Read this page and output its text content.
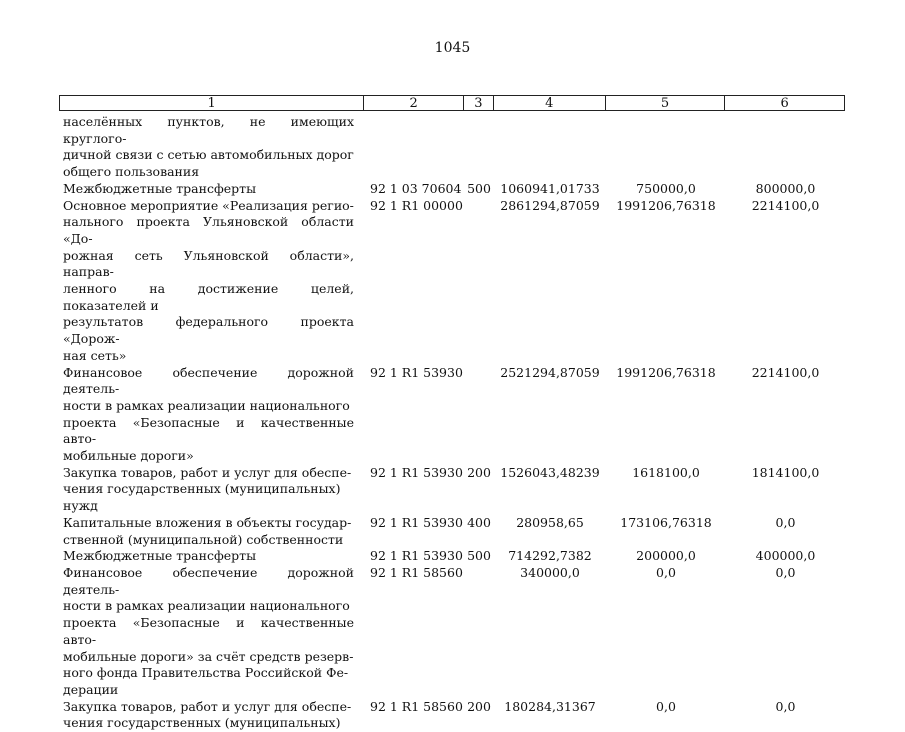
1045
1	2	3	4	5	6
населённых пунктов, не имеющих круглого-
дичной связи с сетью автомобильных дорог
общего пользования
Межбюджетные трансферты	92 1 03 70604 500 1060941,01733	750000,0	800000,0
Основное мероприятие «Реализация регио-
нального проекта Ульяновской области «До-
рожная сеть Ульяновской области», направ-
ленного на достижение целей, показателей и
результатов федерального проекта «Дорож-
ная сеть»
92 1 R1 00000	2861294,87059	1991206,76318	2214100,0
Финансовое обеспечение дорожной деятель-
ности в рамках реализации национального
проекта «Безопасные и качественные авто-
мобильные дороги»
92 1 R1 53930	2521294,87059	1991206,76318	2214100,0
Закупка товаров, работ и услуг для обеспе-
чения государственных (муниципальных)
нужд
92 1 R1 53930 200 1526043,48239	1618100,0	1814100,0
Капитальные вложения в объекты государ-
ственной (муниципальной) собственности
92 1 R1 53930 400	280958,65	173106,76318	0,0
Межбюджетные трансферты	92 1 R1 53930 500	714292,7382	200000,0	400000,0
Финансовое обеспечение дорожной деятель-
ности в рамках реализации национального
проекта «Безопасные и качественные авто-
мобильные дороги» за счёт средств резерв-
ного фонда Правительства Российской Фе-
дерации
92 1 R1 58560	340000,0	0,0	0,0
Закупка товаров, работ и услуг для обеспе-
чения государственных (муниципальных)
92 1 R1 58560 200	180284,31367	0,0	0,0
